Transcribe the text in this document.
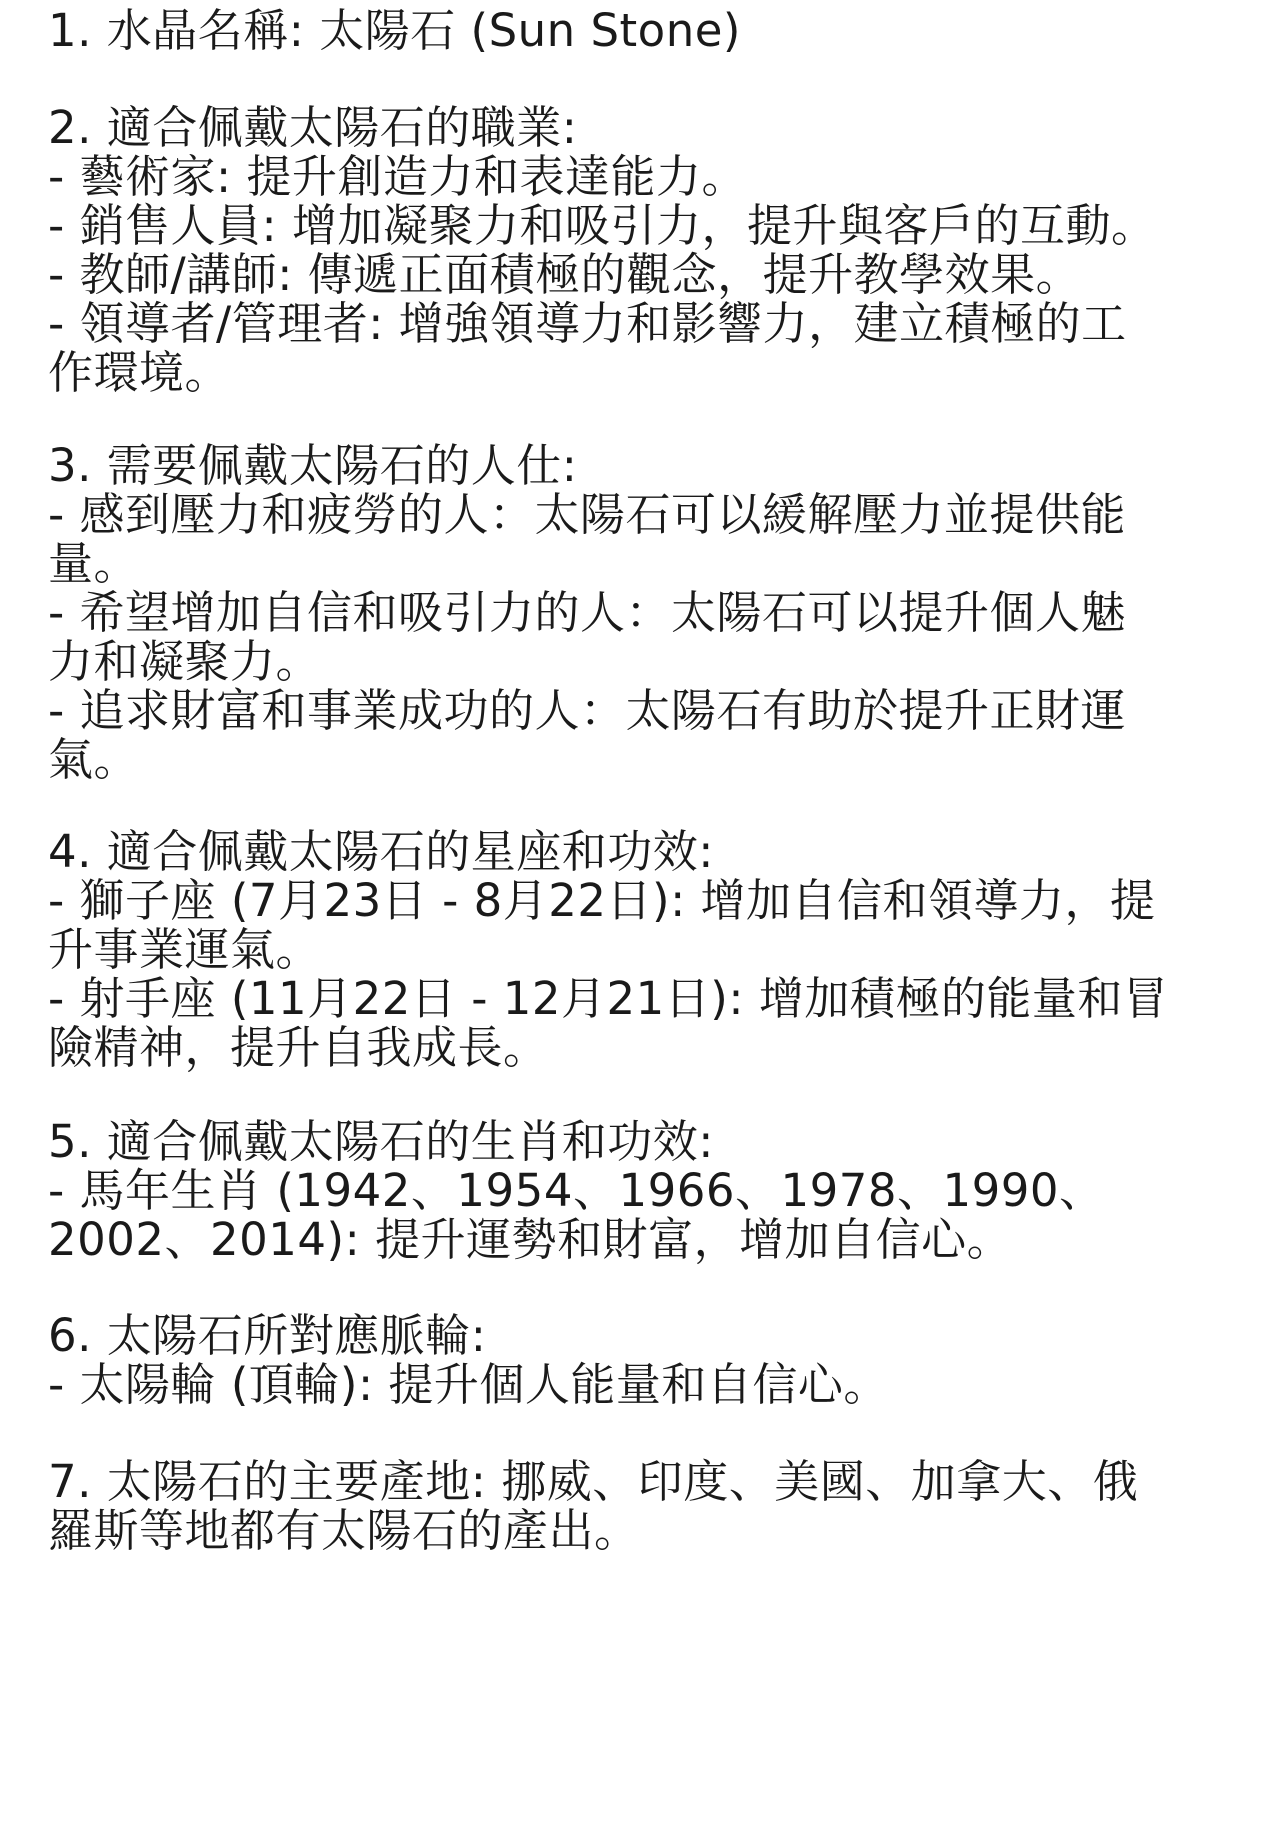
1. 水晶名稱: 太陽石 (Sun Stone)
2. 適合佩戴太陽石的職業:
- 藝術家: 提升創造力和表達能力。
- 銷售人員: 增加凝聚力和吸引力，提升與客戶的互動。
- 教師/講師: 傳遞正面積極的觀念，提升教學效果。
- 領導者/管理者: 增強領導力和影響力，建立積極的工
作環境。
3. 需要佩戴太陽石的人仕:
- 感到壓力和疲勞的人：太陽石可以緩解壓力並提供能
量。
- 希望增加自信和吸引力的人：太陽石可以提升個人魅
力和凝聚力。
- 追求財富和事業成功的人：太陽石有助於提升正財運
氣。
4. 適合佩戴太陽石的星座和功效:
- 獅子座 (7月23日 - 8月22日): 增加自信和領導力，提
升事業運氣。
- 射手座 (11月22日 - 12月21日): 增加積極的能量和冒
險精神，提升自我成長。
5. 適合佩戴太陽石的生肖和功效:
- 馬年生肖 (1942、1954、1966、1978、1990、
2002、2014): 提升運勢和財富，增加自信心。
6. 太陽石所對應脈輪:
- 太陽輪 (頂輪): 提升個人能量和自信心。
7. 太陽石的主要產地: 挪威、印度、美國、加拿大、俄
羅斯等地都有太陽石的產出。
